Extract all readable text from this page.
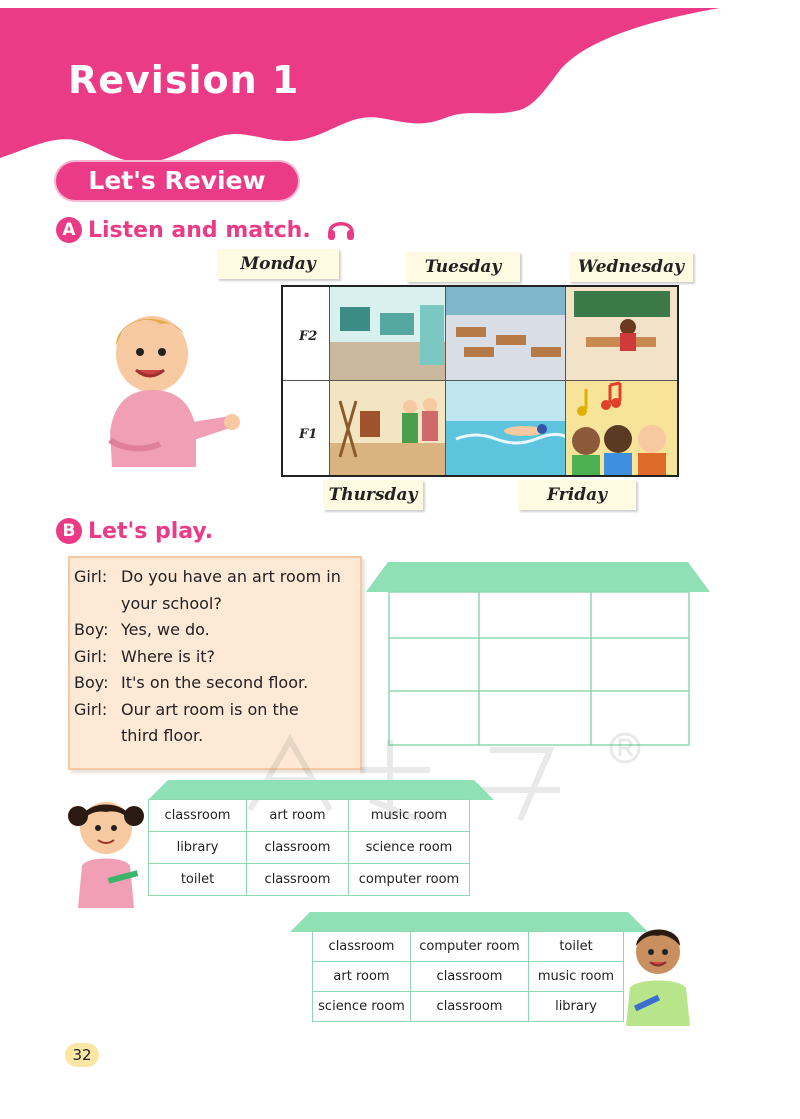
Revision 1
Let's Review
A Listen and match.
Monday	Tuesday	Wednesday
Thursday	Friday
F2
F1
B Let's play.
Girl: Do you have an art room in
your school?
Boy: Yes, we do.
Girl: Where is it?
Boy: It's on the second floor.
Girl: Our art room is on the
third floor.
classroom	art room	music room
library	classroom	science room
toilet	classroom	computer room
classroom	computer room	toilet
art room	classroom	music room
science room	classroom	library
32
